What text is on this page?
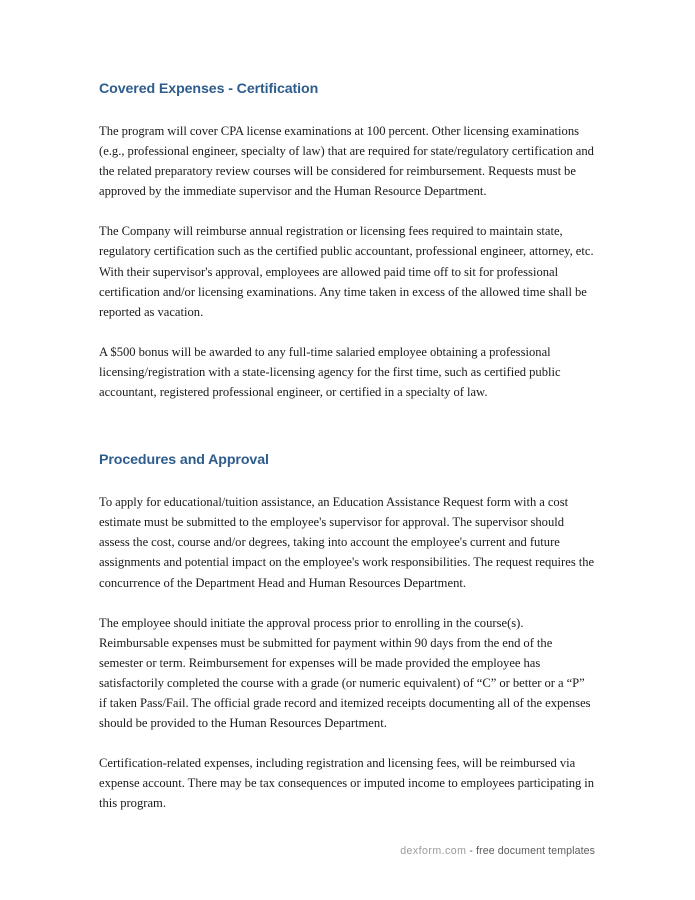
Covered Expenses - Certification

The program will cover CPA license examinations at 100 percent. Other licensing examinations (e.g., professional engineer, specialty of law) that are required for state/regulatory certification and the related preparatory review courses will be considered for reimbursement. Requests must be approved by the immediate supervisor and the Human Resource Department.

The Company will reimburse annual registration or licensing fees required to maintain state, regulatory certification such as the certified public accountant, professional engineer, attorney, etc. With their supervisor's approval, employees are allowed paid time off to sit for professional certification and/or licensing examinations. Any time taken in excess of the allowed time shall be reported as vacation.

A $500 bonus will be awarded to any full-time salaried employee obtaining a professional licensing/registration with a state-licensing agency for the first time, such as certified public accountant, registered professional engineer, or certified in a specialty of law.

Procedures and Approval

To apply for educational/tuition assistance, an Education Assistance Request form with a cost estimate must be submitted to the employee's supervisor for approval. The supervisor should assess the cost, course and/or degrees, taking into account the employee's current and future assignments and potential impact on the employee's work responsibilities. The request requires the concurrence of the Department Head and Human Resources Department.

The employee should initiate the approval process prior to enrolling in the course(s). Reimbursable expenses must be submitted for payment within 90 days from the end of the semester or term. Reimbursement for expenses will be made provided the employee has satisfactorily completed the course with a grade (or numeric equivalent) of “C” or better or a “P” if taken Pass/Fail. The official grade record and itemized receipts documenting all of the expenses should be provided to the Human Resources Department.

Certification-related expenses, including registration and licensing fees, will be reimbursed via expense account. There may be tax consequences or imputed income to employees participating in this program.

dexform.com - free document templates
